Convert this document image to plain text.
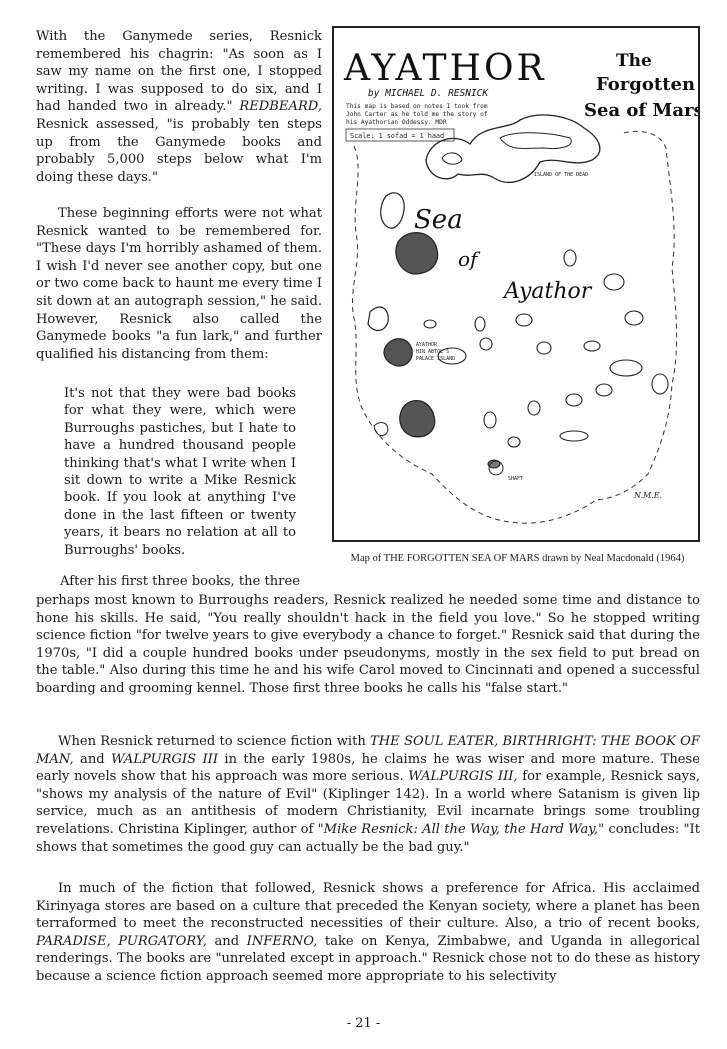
With the Ganymede series, Resnick remembered his chagrin: "As soon as I saw my name on the first one, I stopped writing. I was supposed to do six, and I had handed two in already." REDBEARD, Resnick assessed, "is probably ten steps up from the Ganymede books and probably 5,000 steps below what I'm doing these days."
These beginning efforts were not what Resnick wanted to be remembered for. "These days I'm horribly ashamed of them. I wish I'd never see another copy, but one or two come back to haunt me every time I sit down at an autograph session," he said. However, Resnick also called the Ganymede books "a fun lark," and further qualified his distancing from them:
It's not that they were bad books for what they were, which were Burroughs pastiches, but I hate to have a hundred thousand people thinking that's what I write when I sit down to write a Mike Resnick book. If you look at anything I've done in the last fifteen or twenty years, it bears no relation at all to Burroughs' books.
After his first three books, the three
perhaps most known to Burroughs readers, Resnick realized he needed some time and distance to hone his skills. He said, "You really shouldn't hack in the field you love." So he stopped writing science fiction "for twelve years to give everybody a chance to forget." Resnick said that during the 1970s, "I did a couple hundred books under pseudonyms, mostly in the sex field to put bread on the table." Also during this time he and his wife Carol moved to Cincinnati and opened a successful boarding and grooming kennel. Those first three books he calls his "false start."
When Resnick returned to science fiction with THE SOUL EATER, BIRTHRIGHT: THE BOOK OF MAN, and WALPURGIS III in the early 1980s, he claims he was wiser and more mature. These early novels show that his approach was more serious. WALPURGIS III, for example, Resnick says, "shows my analysis of the nature of Evil" (Kiplinger 142). In a world where Satanism is given lip service, much as an antithesis of modern Christianity, Evil incarnate brings some troubling revelations. Christina Kiplinger, author of "Mike Resnick: All the Way, the Hard Way," concludes: "It shows that sometimes the good guy can actually be the bad guy."
In much of the fiction that followed, Resnick shows a preference for Africa. His acclaimed Kirinyaga stores are based on a culture that preceded the Kenyan society, where a planet has been terraformed to meet the reconstructed necessities of their culture. Also, a trio of recent books, PARADISE, PURGATORY, and INFERNO, take on Kenya, Zimbabwe, and Uganda in allegorical renderings. The books are "unrelated except in approach." Resnick chose not to do these as history because a science fiction approach seemed more appropriate to his selectivity
AYATHOR	The
Forgotten
Sea of Mars
by MICHAEL D. RESNICK
This map is based on notes I took from
John Carter as he told me the story of
his Ayathorian Oddessy. MDR
Scale: 1 sofad = 1 haad
ISLAND OF THE DEAD
Sea
of
Ayathor
AYATHOR
HIN ABTOL'S
PALACE ISLAND
SHAFT
N.M.E.
Map of THE FORGOTTEN SEA OF MARS drawn by Neal Macdonald (1964)
- 21 -
